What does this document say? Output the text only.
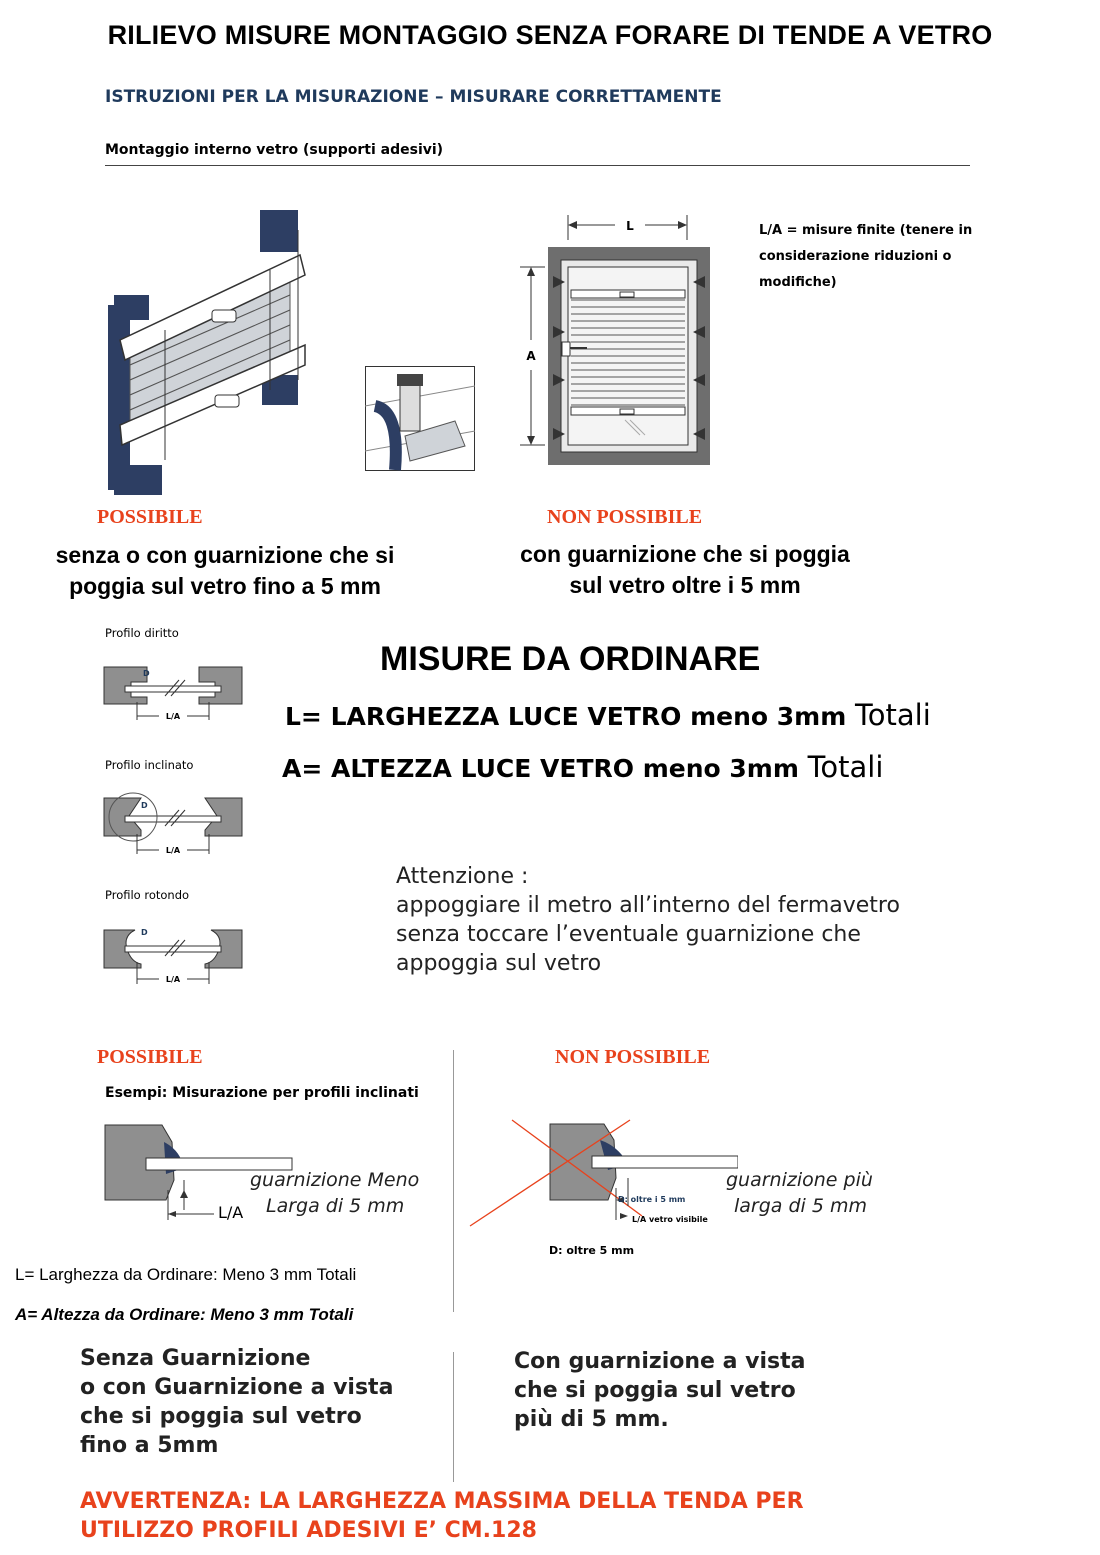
RILIEVO MISURE MONTAGGIO SENZA FORARE DI TENDE A VETRO
ISTRUZIONI PER LA MISURAZIONE – MISURARE CORRETTAMENTE
Montaggio interno vetro (supporti adesivi)
L
A
L/A = misure finite (tenere in considerazione riduzioni o modifiche)
POSSIBILE
senza o con guarnizione che si
poggia sul vetro fino a 5 mm
NON POSSIBILE
con guarnizione che si poggia
sul vetro oltre i 5 mm
Profilo diritto
D
L/A
Profilo inclinato
D
L/A
Profilo rotondo
D
L/A
MISURE DA ORDINARE
L= LARGHEZZA LUCE VETRO meno 3mm Totali
A= ALTEZZA LUCE VETRO meno 3mm Totali
Attenzione :
appoggiare il metro all’interno del fermavetro
senza toccare l’eventuale guarnizione che
appoggia sul vetro
POSSIBILE
Esempi: Misurazione per profili inclinati
L/A
guarnizione Meno
Larga di 5 mm
L= Larghezza da Ordinare: Meno 3 mm Totali
A= Altezza da Ordinare: Meno 3 mm Totali
Senza Guarnizione
o con Guarnizione a vista
che si poggia sul vetro
fino a 5mm
NON POSSIBILE
D: oltre i 5 mm
L/A vetro visibile
guarnizione più
larga di 5 mm
D: oltre 5 mm
Con guarnizione a vista
che si poggia sul vetro
più di 5 mm.
AVVERTENZA: LA LARGHEZZA MASSIMA DELLA TENDA PER
UTILIZZO PROFILI ADESIVI E’ CM.128
